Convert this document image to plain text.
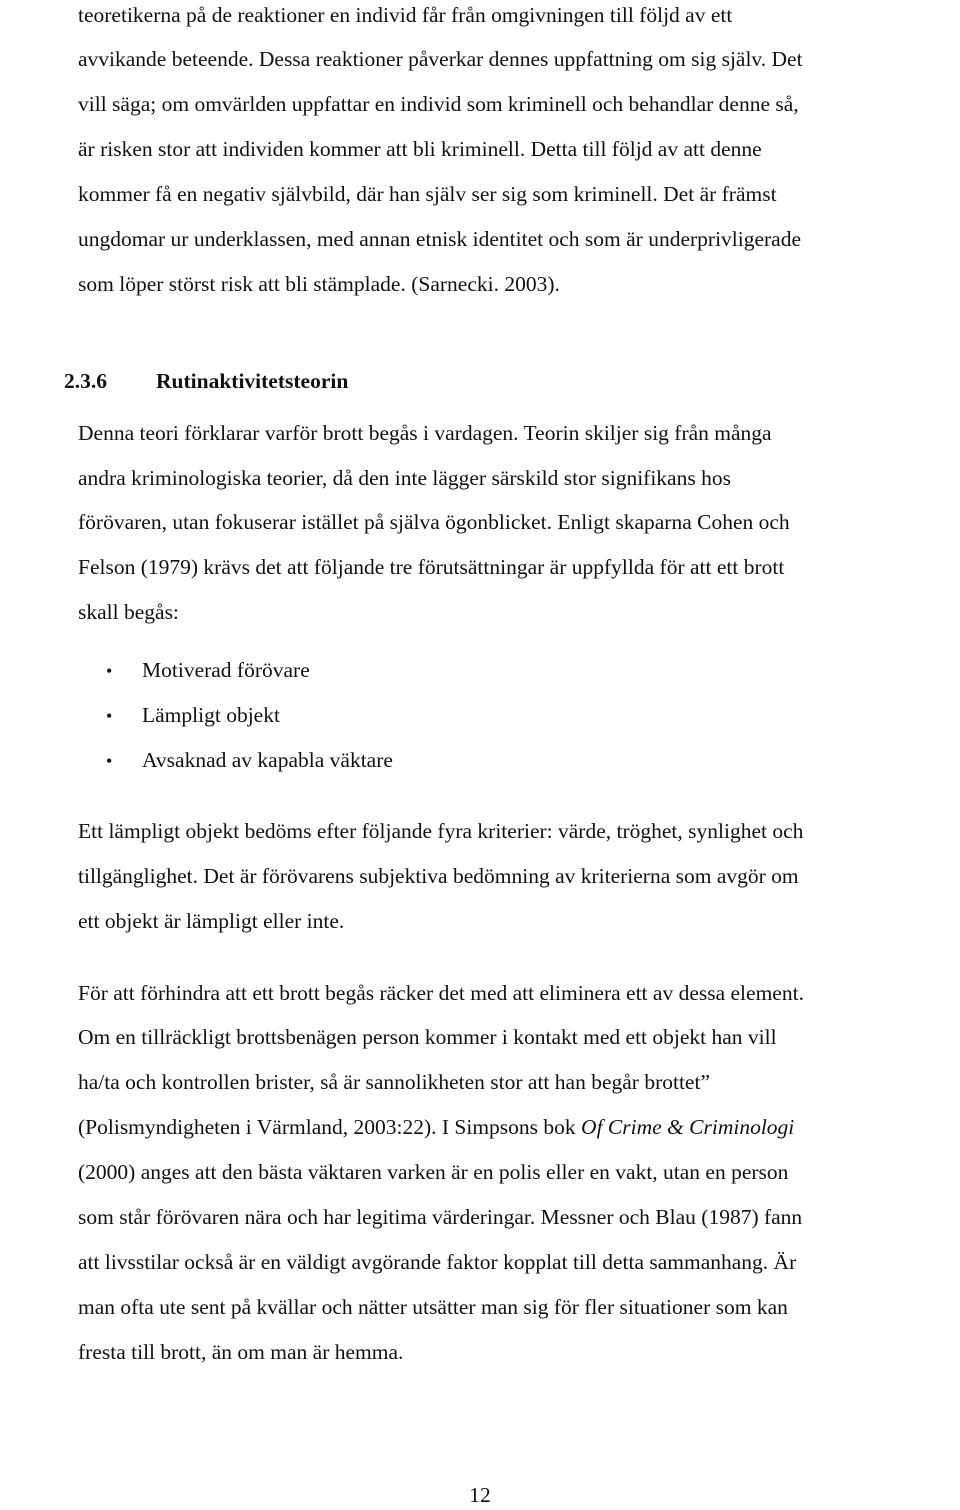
teoretikerna på de reaktioner en individ får från omgivningen till följd av ett
avvikande beteende. Dessa reaktioner påverkar dennes uppfattning om sig själv. Det
vill säga; om omvärlden uppfattar en individ som kriminell och behandlar denne så,
är risken stor att individen kommer att bli kriminell. Detta till följd av att denne
kommer få en negativ självbild, där han själv ser sig som kriminell. Det är främst
ungdomar ur underklassen, med annan etnisk identitet och som är underprivligerade
som löper störst risk att bli stämplade. (Sarnecki. 2003).
2.3.6 Rutinaktivitetsteorin
Denna teori förklarar varför brott begås i vardagen. Teorin skiljer sig från många
andra kriminologiska teorier, då den inte lägger särskild stor signifikans hos
förövaren, utan fokuserar istället på själva ögonblicket. Enligt skaparna Cohen och
Felson (1979) krävs det att följande tre förutsättningar är uppfyllda för att ett brott
skall begås:
• Motiverad förövare
• Lämpligt objekt
• Avsaknad av kapabla väktare
Ett lämpligt objekt bedöms efter följande fyra kriterier: värde, tröghet, synlighet och
tillgänglighet. Det är förövarens subjektiva bedömning av kriterierna som avgör om
ett objekt är lämpligt eller inte.
För att förhindra att ett brott begås räcker det med att eliminera ett av dessa element.
Om en tillräckligt brottsbenägen person kommer i kontakt med ett objekt han vill
ha/ta och kontrollen brister, så är sannolikheten stor att han begår brottet”
(Polismyndigheten i Värmland, 2003:22). I Simpsons bok Of Crime & Criminologi
(2000) anges att den bästa väktaren varken är en polis eller en vakt, utan en person
som står förövaren nära och har legitima värderingar. Messner och Blau (1987) fann
att livsstilar också är en väldigt avgörande faktor kopplat till detta sammanhang. Är
man ofta ute sent på kvällar och nätter utsätter man sig för fler situationer som kan
fresta till brott, än om man är hemma.
12
